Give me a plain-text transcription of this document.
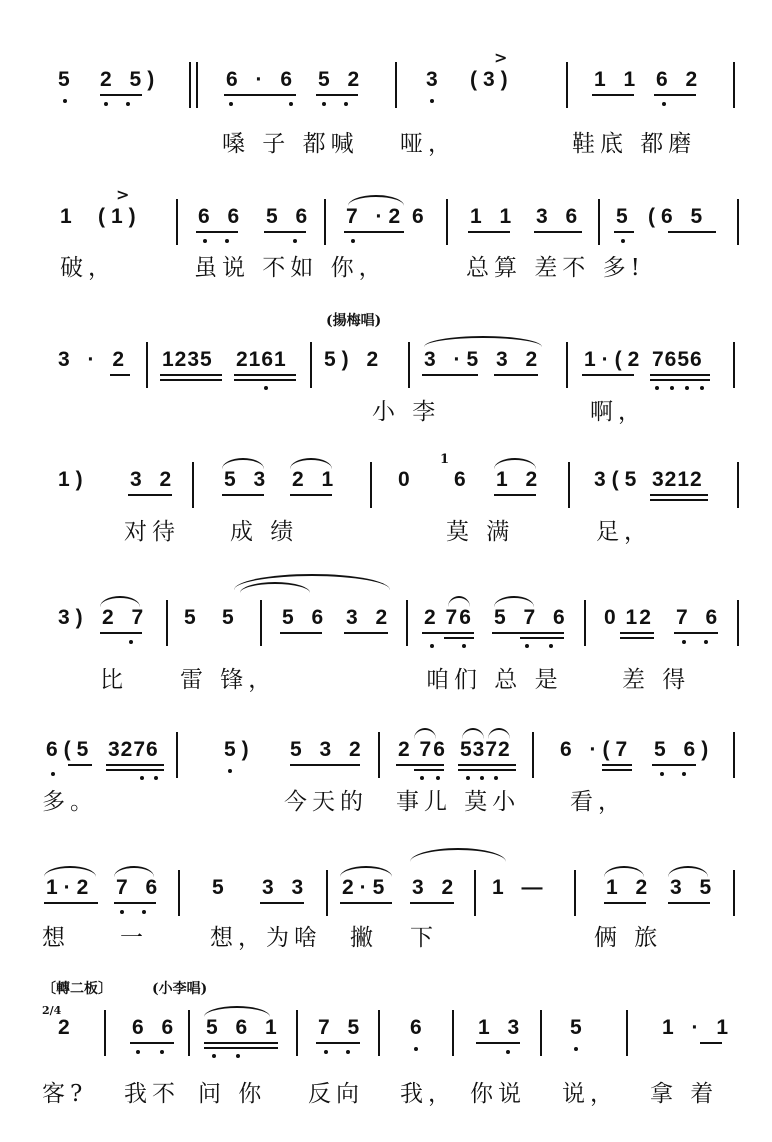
5 2 5)	6 · 6 5 2	3 (3)
>
1 1 6 2
嗓 子 都喊 哑，	鞋底 都磨
1 (1)
>
6 6 5 6 7 ·2 6 1 1 3 6 5 (6 5
破，	虽说 不如 你，	总算 差不 多!
(揚梅唱)
3 · 2 1235 2161 5) 2 3 ·5 3 2 1·(2 7656
小 李	啊，
1) 3 2 5 3 2 1	0
1
6 1 2 3(5 3212
对待 成 绩	莫 满	足，
3) 2 7 5 5 5 6 3 2 2 76 5 7 6 0 12 7 6
比 雷 锋，	咱们 总 是	差 得
6(5 3276	5) 5 3 2 2 76 5372 6 ·(7 5 6)
多。	今天的 事儿 莫小 看，
1·2 7 6 5 3 3 2·5 3 2 1 —	1 2 3 5
想 一	想，为啥 撇 下	俩 旅
〔轉二板〕	(小李唱)
2/4
2	6 6 5 6 1 7 5 6 1 3 5	1 · 1
客? 我不 问 你 反向 我， 你说 说， 拿 着
